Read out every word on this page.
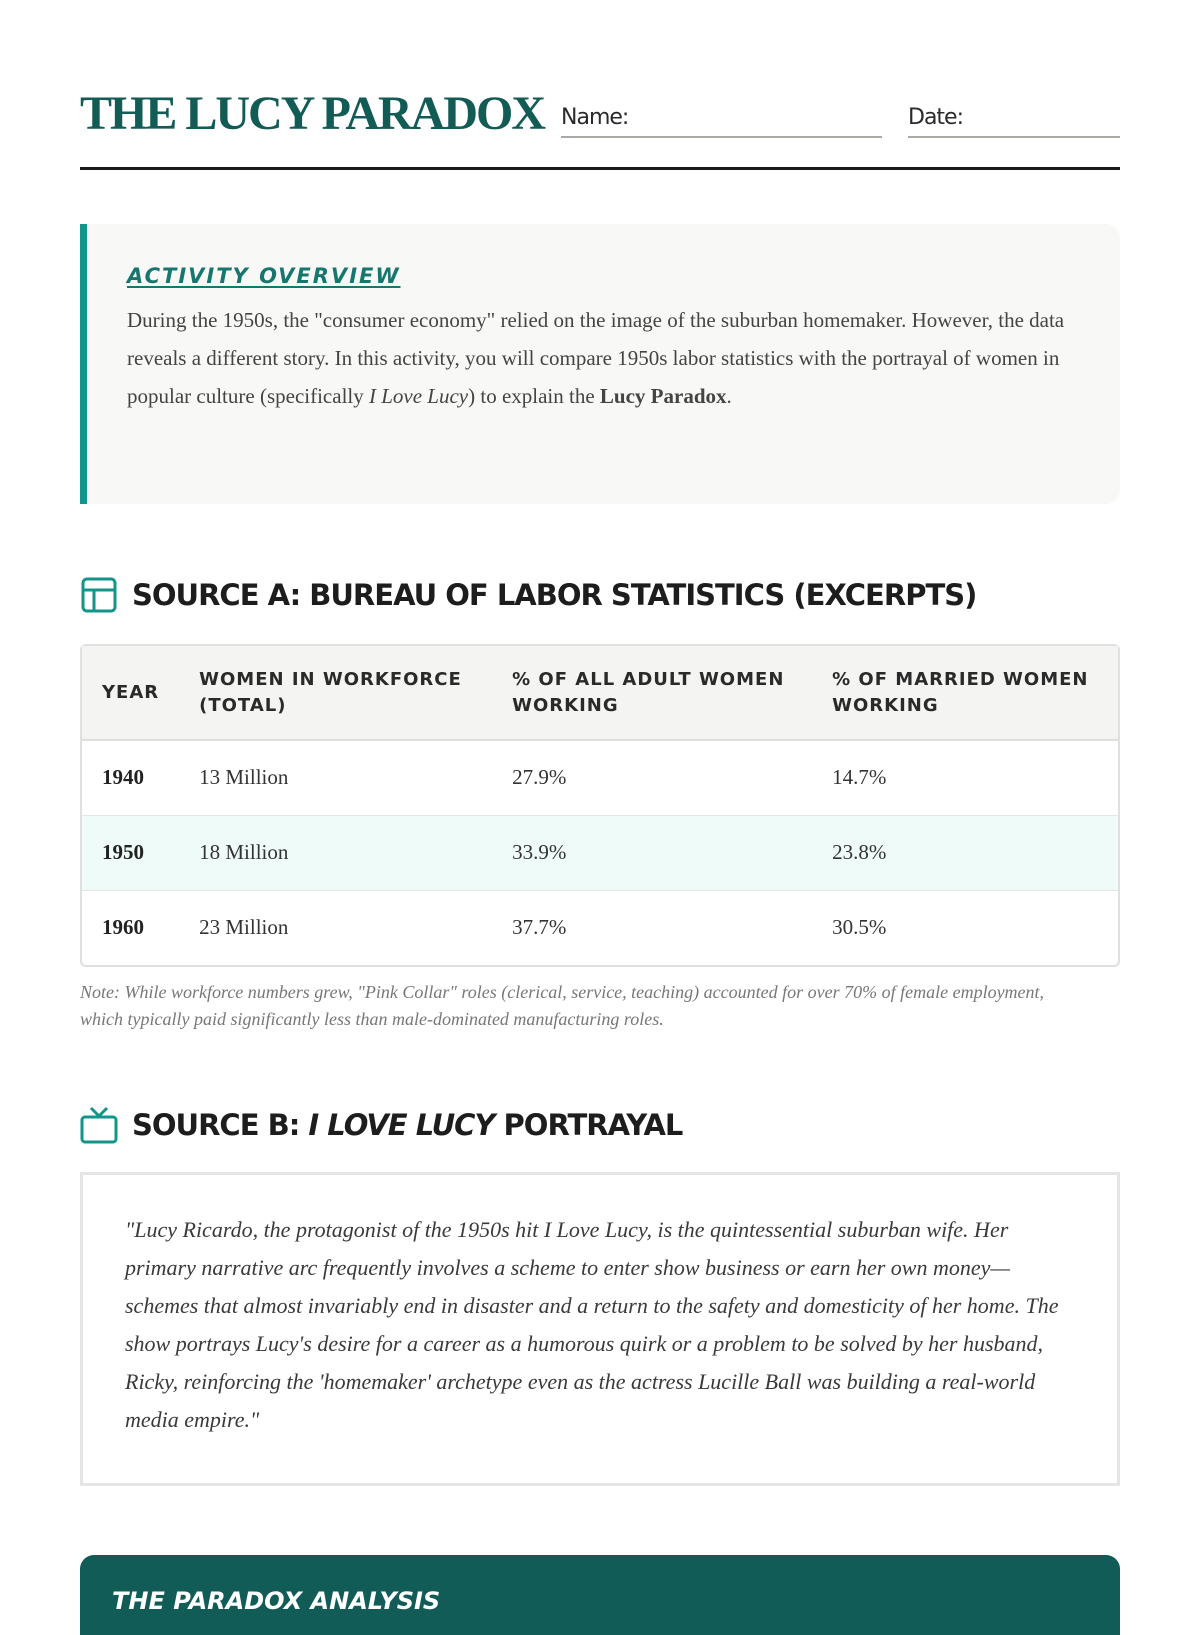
THE LUCY PARADOX Name:	Date:
ACTIVITY OVERVIEW

During the 1950s, the "consumer economy" relied on the image of the suburban homemaker. However, the data reveals a different story. In this activity, you will compare 1950s labor statistics with the portrayal of women in popular culture (specifically I Love Lucy) to explain the Lucy Paradox.

SOURCE A: BUREAU OF LABOR STATISTICS (EXCERPTS)
YEAR	WOMEN IN WORKFORCE (TOTAL)	% OF ALL ADULT WOMEN WORKING	% OF MARRIED WOMEN WORKING
1940	13 Million	27.9%	14.7%
1950	18 Million	33.9%	23.8%
1960	23 Million	37.7%	30.5%
Note: While workforce numbers grew, "Pink Collar" roles (clerical, service, teaching) accounted for over 70% of female employment, which typically paid significantly less than male-dominated manufacturing roles.
SOURCE B: I LOVE LUCY PORTRAYAL

"Lucy Ricardo, the protagonist of the 1950s hit I Love Lucy, is the quintessential suburban wife. Her primary narrative arc frequently involves a scheme to enter show business or earn her own money—schemes that almost invariably end in disaster and a return to the safety and domesticity of her home. The show portrays Lucy's desire for a career as a humorous quirk or a problem to be solved by her husband, Ricky, reinforcing the 'homemaker' archetype even as the actress Lucille Ball was building a real-world media empire."

THE PARADOX ANALYSIS
